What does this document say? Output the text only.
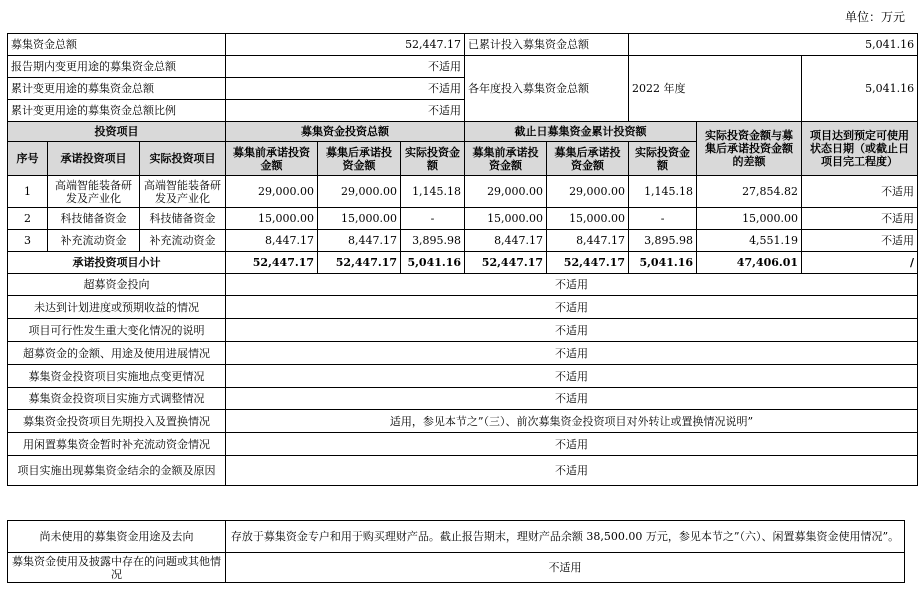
单位：万元
募集资金总额			52,447.17			已累计投入募集资金总额		5,041.16		
报告期内变更用途的募集资金总额			不适用			各年度投入募集资金总额		2022 年度		5,041.16
累计变更用途的募集资金总额			不适用							
累计变更用途的募集资金总额比例			不适用							
投资项目			募集资金投资总额			截止日募集资金累计投资额			实际投资金额与募集后承诺投资金额的差额	项目达到预定可使用状态日期（或截止日项目完工程度）
序号	承诺投资项目	实际投资项目	募集前承诺投资金额	募集后承诺投资金额	实际投资金额	募集前承诺投资金额	募集后承诺投资金额	实际投资金额		
1	高端智能装备研发及产业化	高端智能装备研发及产业化	29,000.00	29,000.00	1,145.18	29,000.00	29,000.00	1,145.18	27,854.82	不适用
2	科技储备资金	科技储备资金	15,000.00	15,000.00	-	15,000.00	15,000.00	-	15,000.00	不适用
3	补充流动资金	补充流动资金	8,447.17	8,447.17	3,895.98	8,447.17	8,447.17	3,895.98	4,551.19	不适用
承诺投资项目小计			52,447.17	52,447.17	5,041.16	52,447.17	52,447.17	5,041.16	47,406.01	/
超募资金投向			不适用							
未达到计划进度或预期收益的情况			不适用							
项目可行性发生重大变化情况的说明			不适用							
超募资金的金额、用途及使用进展情况			不适用							
募集资金投资项目实施地点变更情况			不适用							
募集资金投资项目实施方式调整情况			不适用							
募集资金投资项目先期投入及置换情况			适用，参见本节之”（三）、前次募集资金投资项目对外转让或置换情况说明”							
用闲置募集资金暂时补充流动资金情况			不适用							
项目实施出现募集资金结余的金额及原因			不适用							
尚未使用的募集资金用途及去向	存放于募集资金专户和用于购买理财产品。截止报告期末，理财产品余额 38,500.00 万元，参见本节之”（六）、闲置募集资金使用情况”。
募集资金使用及披露中存在的问题或其他情况	不适用
